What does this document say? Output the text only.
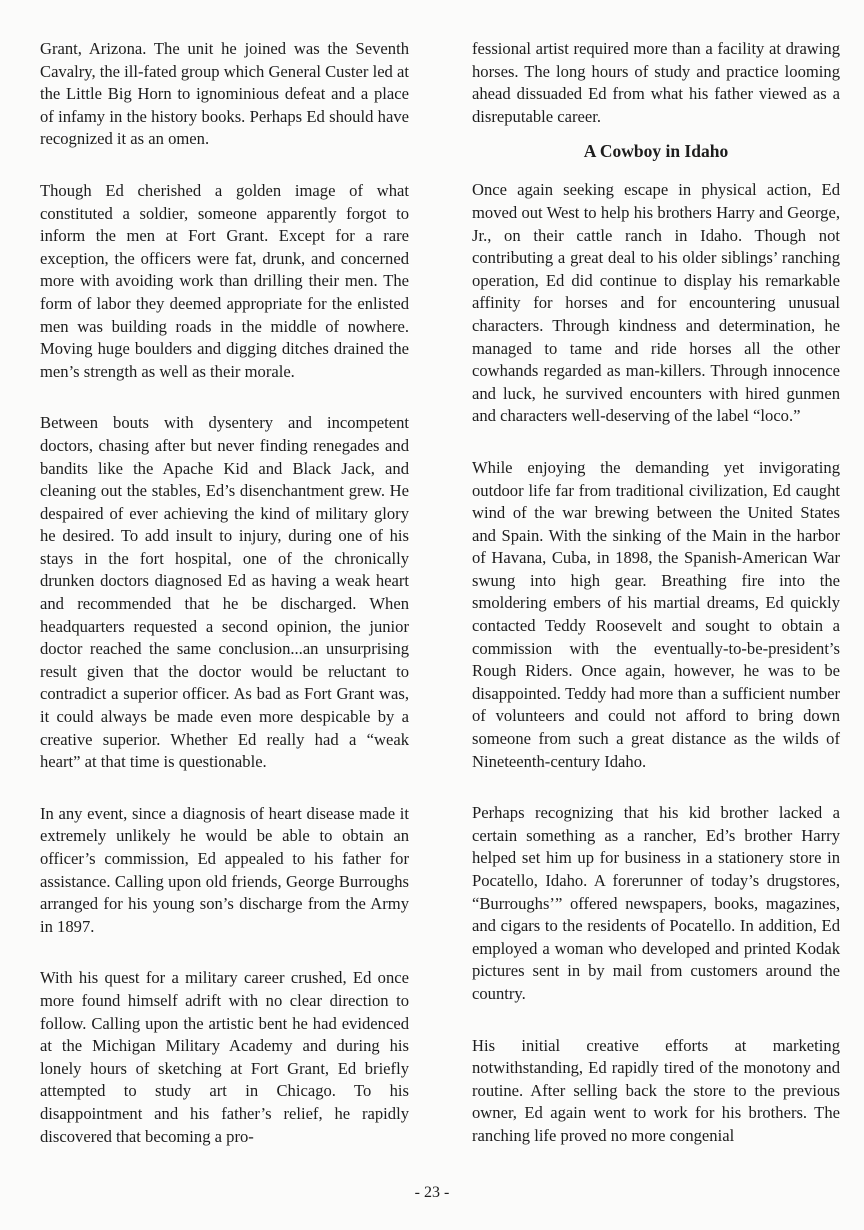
Grant, Arizona. The unit he joined was the Seventh Cavalry, the ill-fated group which General Custer led at the Little Big Horn to ignominious defeat and a place of infamy in the history books. Perhaps Ed should have recognized it as an omen.

Though Ed cherished a golden image of what constituted a soldier, someone apparently forgot to inform the men at Fort Grant. Except for a rare exception, the officers were fat, drunk, and concerned more with avoiding work than drilling their men. The form of labor they deemed appropriate for the enlisted men was building roads in the middle of nowhere. Moving huge boulders and digging ditches drained the men’s strength as well as their morale.

Between bouts with dysentery and incompetent doctors, chasing after but never finding renegades and bandits like the Apache Kid and Black Jack, and cleaning out the stables, Ed’s disenchantment grew. He despaired of ever achieving the kind of military glory he desired. To add insult to injury, during one of his stays in the fort hospital, one of the chronically drunken doctors diagnosed Ed as having a weak heart and recommended that he be discharged. When headquarters requested a second opinion, the junior doctor reached the same conclusion...an unsurprising result given that the doctor would be reluctant to contradict a superior officer. As bad as Fort Grant was, it could always be made even more despicable by a creative superior. Whether Ed really had a “weak heart” at that time is questionable.

In any event, since a diagnosis of heart disease made it extremely unlikely he would be able to obtain an officer’s commission, Ed appealed to his father for assistance. Calling upon old friends, George Burroughs arranged for his young son’s discharge from the Army in 1897.

With his quest for a military career crushed, Ed once more found himself adrift with no clear direction to follow. Calling upon the artistic bent he had evidenced at the Michigan Military Academy and during his lonely hours of sketching at Fort Grant, Ed briefly attempted to study art in Chicago. To his disappointment and his father’s relief, he rapidly discovered that becoming a pro-

fessional artist required more than a facility at drawing horses. The long hours of study and practice looming ahead dissuaded Ed from what his father viewed as a disreputable career.

A Cowboy in Idaho

Once again seeking escape in physical action, Ed moved out West to help his brothers Harry and George, Jr., on their cattle ranch in Idaho. Though not contributing a great deal to his older siblings’ ranching operation, Ed did continue to display his remarkable affinity for horses and for encountering unusual characters. Through kindness and determination, he managed to tame and ride horses all the other cowhands regarded as man-killers. Through innocence and luck, he survived encounters with hired gunmen and characters well-deserving of the label “loco.”

While enjoying the demanding yet invigorating outdoor life far from traditional civilization, Ed caught wind of the war brewing between the United States and Spain. With the sinking of the Main in the harbor of Havana, Cuba, in 1898, the Spanish-American War swung into high gear. Breathing fire into the smoldering embers of his martial dreams, Ed quickly contacted Teddy Roosevelt and sought to obtain a commission with the eventually-to-be-president’s Rough Riders. Once again, however, he was to be disappointed. Teddy had more than a sufficient number of volunteers and could not afford to bring down someone from such a great distance as the wilds of Nineteenth-century Idaho.

Perhaps recognizing that his kid brother lacked a certain something as a rancher, Ed’s brother Harry helped set him up for business in a stationery store in Pocatello, Idaho. A forerunner of today’s drugstores, “Burroughs’” offered newspapers, books, magazines, and cigars to the residents of Pocatello. In addition, Ed employed a woman who developed and printed Kodak pictures sent in by mail from customers around the country.

His initial creative efforts at marketing notwithstanding, Ed rapidly tired of the monotony and routine. After selling back the store to the previous owner, Ed again went to work for his brothers. The ranching life proved no more congenial

- 23 -
